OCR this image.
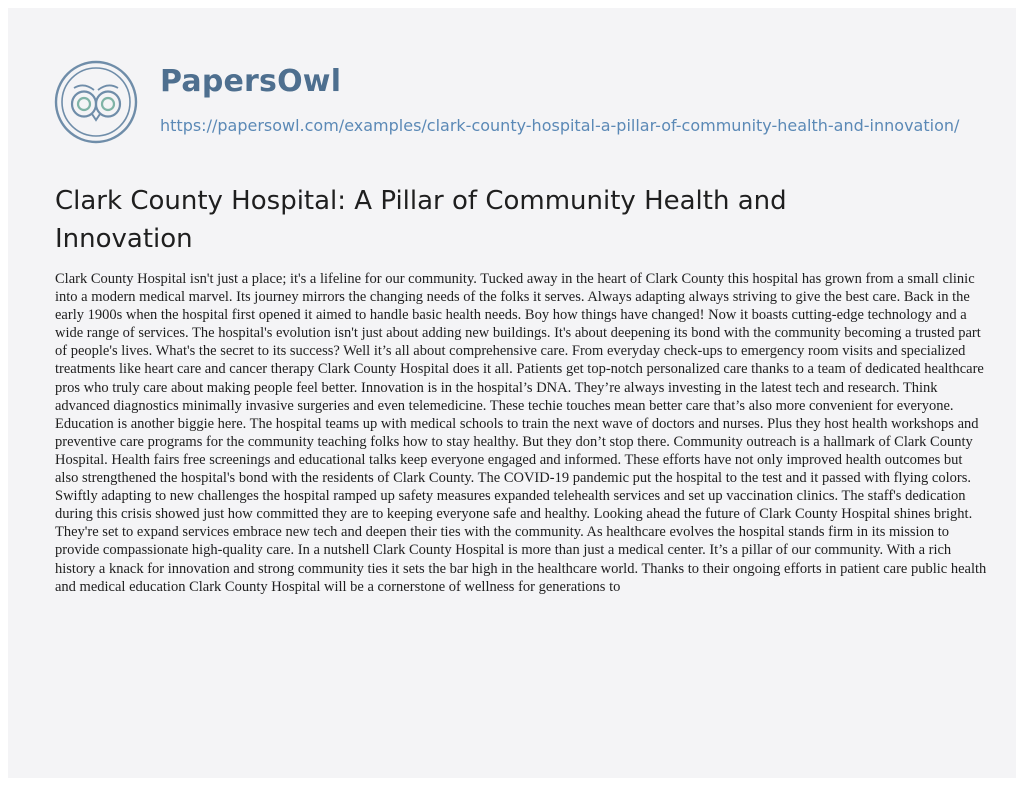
PapersOwl
https://papersowl.com/examples/clark-county-hospital-a-pillar-of-community-health-and-innovation/
Clark County Hospital: A Pillar of Community Health and Innovation

Clark County Hospital isn't just a place; it's a lifeline for our community. Tucked away in the heart of Clark County this hospital has grown from a small clinic into a modern medical marvel. Its journey mirrors the changing needs of the folks it serves. Always adapting always striving to give the best care. Back in the early 1900s when the hospital first opened it aimed to handle basic health needs. Boy how things have changed! Now it boasts cutting-edge technology and a wide range of services. The hospital's evolution isn't just about adding new buildings. It's about deepening its bond with the community becoming a trusted part of people's lives. What's the secret to its success? Well it’s all about comprehensive care. From everyday check-ups to emergency room visits and specialized treatments like heart care and cancer therapy Clark County Hospital does it all. Patients get top-notch personalized care thanks to a team of dedicated healthcare pros who truly care about making people feel better. Innovation is in the hospital’s DNA. They’re always investing in the latest tech and research. Think advanced diagnostics minimally invasive surgeries and even telemedicine. These techie touches mean better care that’s also more convenient for everyone. Education is another biggie here. The hospital teams up with medical schools to train the next wave of doctors and nurses. Plus they host health workshops and preventive care programs for the community teaching folks how to stay healthy. But they don’t stop there. Community outreach is a hallmark of Clark County Hospital. Health fairs free screenings and educational talks keep everyone engaged and informed. These efforts have not only improved health outcomes but also strengthened the hospital's bond with the residents of Clark County. The COVID-19 pandemic put the hospital to the test and it passed with flying colors. Swiftly adapting to new challenges the hospital ramped up safety measures expanded telehealth services and set up vaccination clinics. The staff's dedication during this crisis showed just how committed they are to keeping everyone safe and healthy. Looking ahead the future of Clark County Hospital shines bright. They're set to expand services embrace new tech and deepen their ties with the community. As healthcare evolves the hospital stands firm in its mission to provide compassionate high-quality care. In a nutshell Clark County Hospital is more than just a medical center. It’s a pillar of our community. With a rich history a knack for innovation and strong community ties it sets the bar high in the healthcare world. Thanks to their ongoing efforts in patient care public health and medical education Clark County Hospital will be a cornerstone of wellness for generations to
